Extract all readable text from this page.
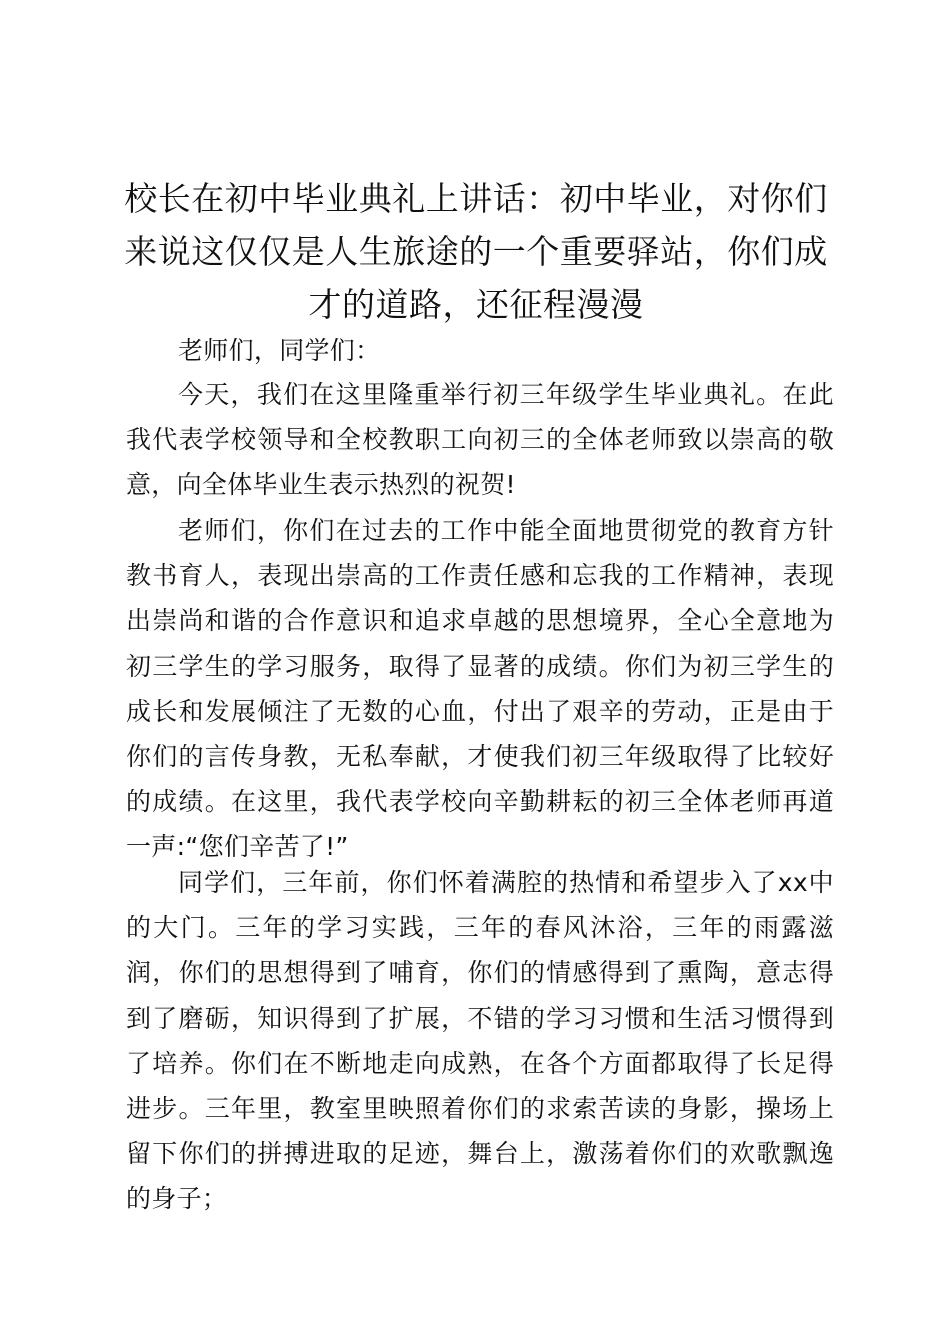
校长在初中毕业典礼上讲话：初中毕业，对你们来说这仅仅是人生旅途的一个重要驿站，你们成才的道路，还征程漫漫

老师们，同学们：

今天，我们在这里隆重举行初三年级学生毕业典礼。在此我代表学校领导和全校教职工向初三的全体老师致以崇高的敬意，向全体毕业生表示热烈的祝贺!

老师们，你们在过去的工作中能全面地贯彻党的教育方针教书育人，表现出崇高的工作责任感和忘我的工作精神，表现出崇尚和谐的合作意识和追求卓越的思想境界，全心全意地为初三学生的学习服务，取得了显著的成绩。你们为初三学生的成长和发展倾注了无数的心血，付出了艰辛的劳动，正是由于你们的言传身教，无私奉献，才使我们初三年级取得了比较好的成绩。在这里，我代表学校向辛勤耕耘的初三全体老师再道一声:“您们辛苦了!”

同学们，三年前，你们怀着满腔的热情和希望步入了xx中的大门。三年的学习实践，三年的春风沐浴，三年的雨露滋润，你们的思想得到了哺育，你们的情感得到了熏陶，意志得到了磨砺，知识得到了扩展，不错的学习习惯和生活习惯得到了培养。你们在不断地走向成熟，在各个方面都取得了长足得进步。三年里，教室里映照着你们的求索苦读的身影，操场上留下你们的拼搏进取的足迹，舞台上，激荡着你们的欢歌飘逸的身子；
